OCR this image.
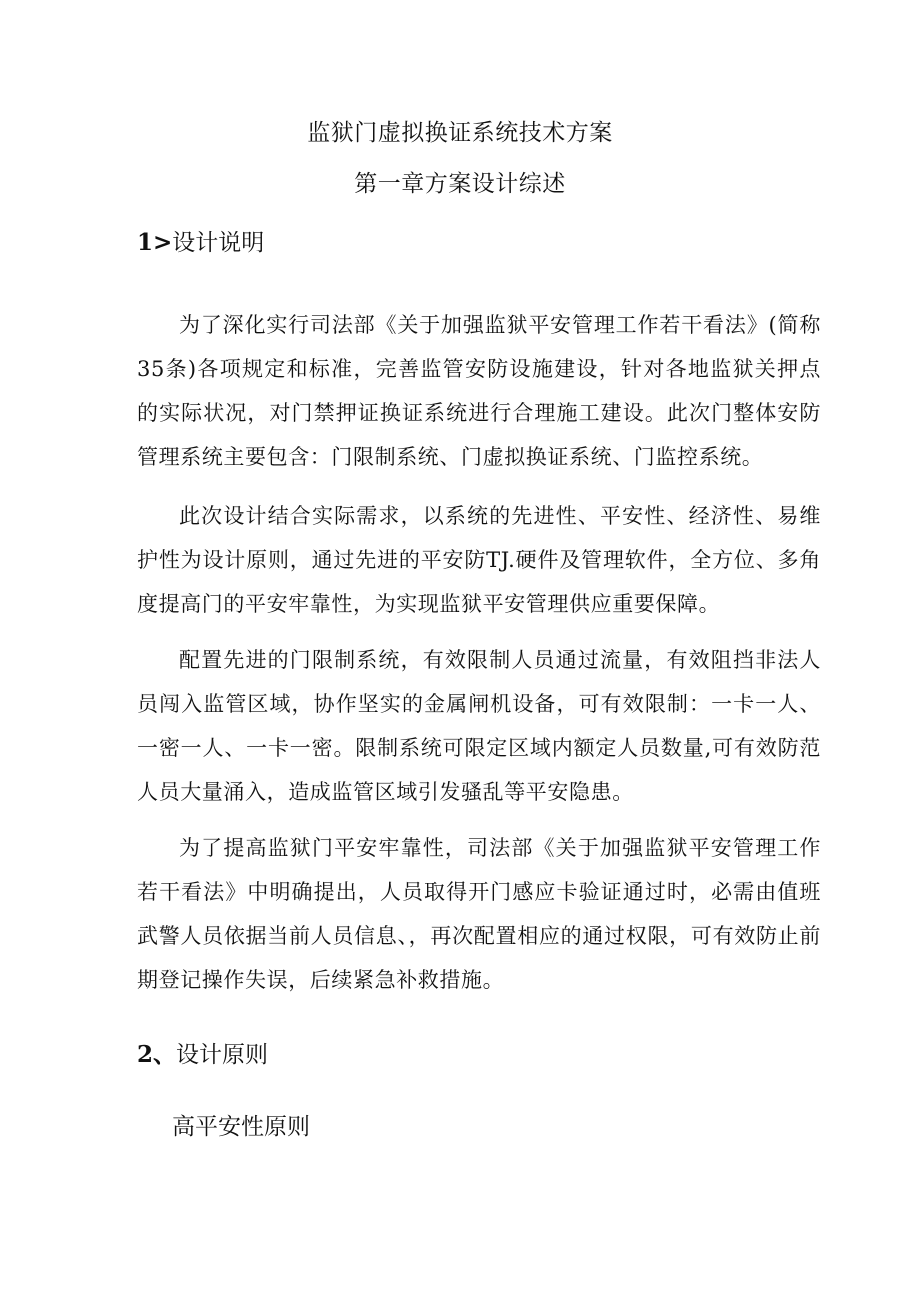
监狱门虚拟换证系统技术方案
第一章方案设计综述
1>设计说明

为了深化实行司法部《关于加强监狱平安管理工作若干看法》(简称35条)各项规定和标准，完善监管安防设施建设，针对各地监狱关押点的实际状况，对门禁押证换证系统进行合理施工建设。此次门整体安防管理系统主要包含：门限制系统、门虚拟换证系统、门监控系统。

此次设计结合实际需求，以系统的先进性、平安性、经济性、易维护性为设计原则，通过先进的平安防TJ.硬件及管理软件，全方位、多角度提高门的平安牢靠性，为实现监狱平安管理供应重要保障。

配置先进的门限制系统，有效限制人员通过流量，有效阻挡非法人员闯入监管区域，协作坚实的金属闸机设备，可有效限制：一卡一人、一密一人、一卡一密。限制系统可限定区域内额定人员数量,可有效防范人员大量涌入，造成监管区域引发骚乱等平安隐患。

为了提高监狱门平安牢靠性，司法部《关于加强监狱平安管理工作若干看法》中明确提出，人员取得开门感应卡验证通过时，必需由值班武警人员依据当前人员信息、，再次配置相应的通过权限，可有效防止前期登记操作失误，后续紧急补救措施。

2、设计原则
高平安性原则
